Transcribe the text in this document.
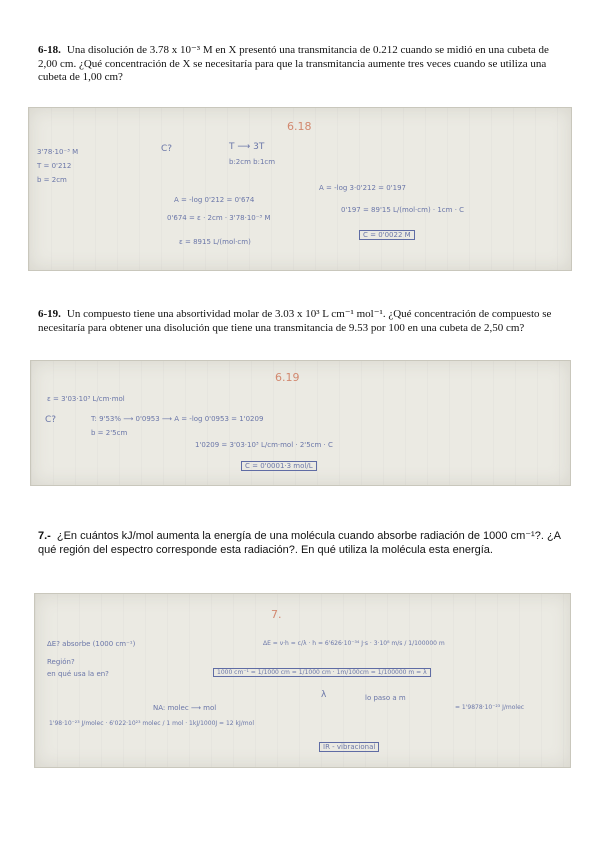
6-18. Una disolución de 3.78 x 10⁻³ M en X presentó una transmitancia de 0.212 cuando se midió en una cubeta de 2,00 cm. ¿Qué concentración de X se necesitaría para que la transmitancia aumente tres veces cuando se utiliza una cubeta de 1,00 cm?
6.18
3'78·10⁻³ M
T = 0'212
b = 2cm
C?	T ⟶ 3T
b:2cm b:1cm
A = -log 0'212 = 0'674
0'674 = ε · 2cm · 3'78·10⁻³ M
ε = 8915 L/(mol·cm)
A = -log 3·0'212 = 0'197
0'197 = 89'15 L/(mol·cm) · 1cm · C
C = 0'0022 M
6-19. Un compuesto tiene una absortividad molar de 3.03 x 10³ L cm⁻¹ mol⁻¹. ¿Qué concentración de compuesto se necesitaría para obtener una disolución que tiene una transmitancia de 9.53 por 100 en una cubeta de 2,50 cm?
6.19
ε = 3'03·10³ L/cm·mol
C?	T: 9'53% ⟶ 0'0953 ⟶ A = -log 0'0953 = 1'0209
b = 2'5cm
1'0209 = 3'03·10³ L/cm·mol · 2'5cm · C
C = 0'0001·3 mol/L
7.- ¿En cuántos kJ/mol aumenta la energía de una molécula cuando absorbe radiación de 1000 cm⁻¹?. ¿A qué región del espectro corresponde esta radiación?. En qué utiliza la molécula esta energía.
7.
ΔE? absorbe (1000 cm⁻¹)
Región?
en qué usa la en?
ΔE = ν·h = c/λ · h = 6'626·10⁻³⁴ J·s · 3·10⁸ m/s / 1/100000 m
1000 cm⁻¹ = 1/1000 cm = 1/1000 cm · 1m/100cm = 1/100000 m = λ
λ	lo paso a m
= 1'9878·10⁻²³ J/molec
NA: molec ⟶ mol
1'98·10⁻²³ J/molec · 6'022·10²³ molec / 1 mol · 1kJ/1000J = 12 kJ/mol
IR - vibracional
